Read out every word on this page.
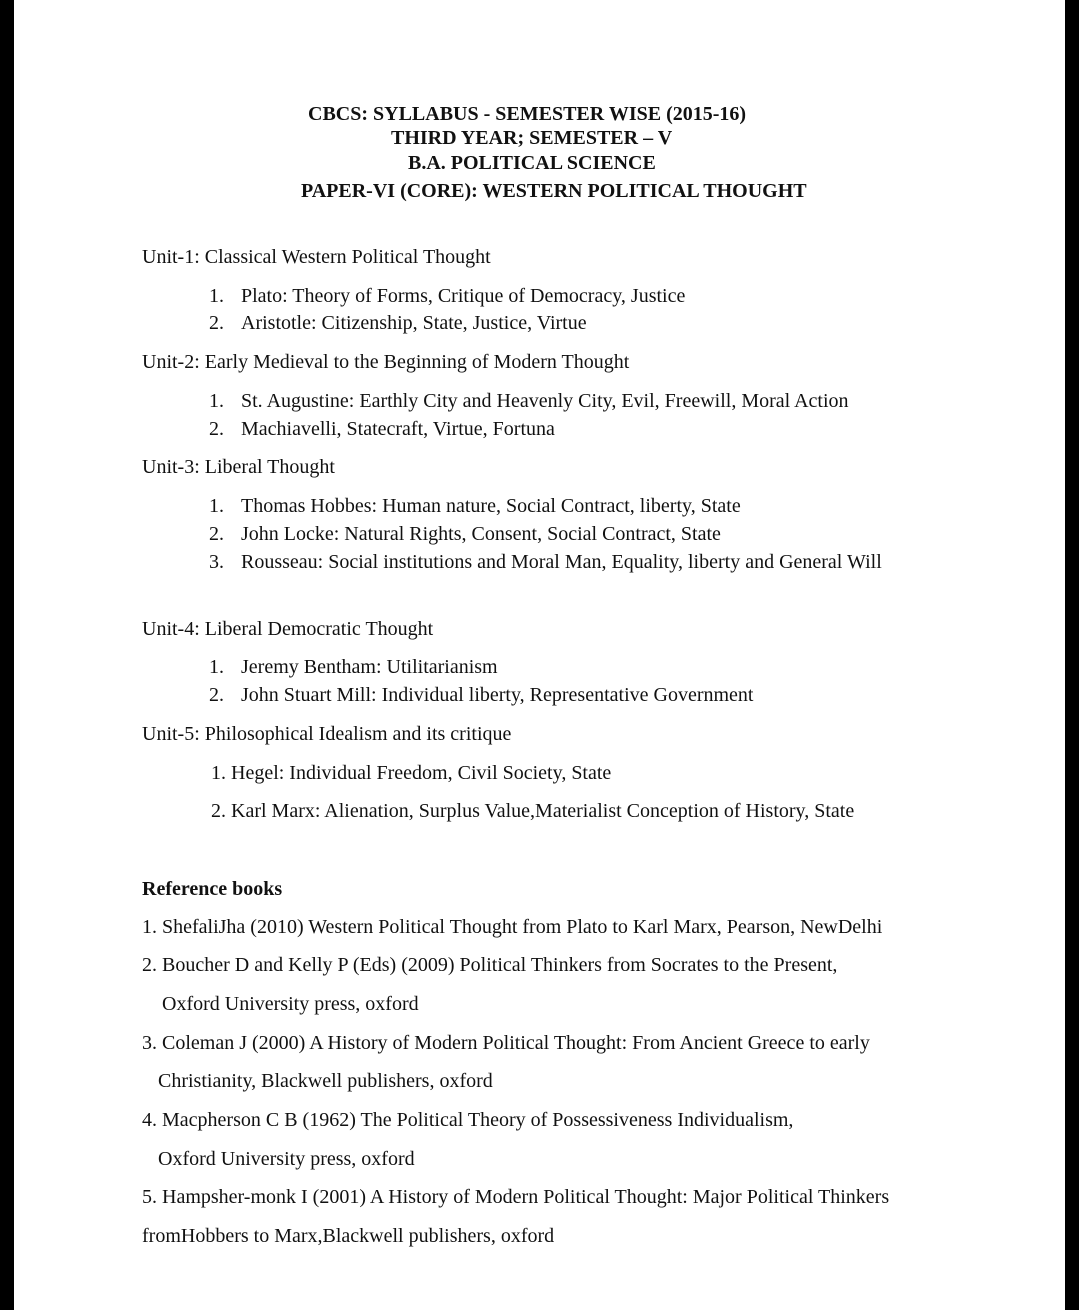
CBCS: SYLLABUS - SEMESTER WISE (2015-16)
THIRD YEAR; SEMESTER – V
B.A. POLITICAL SCIENCE
PAPER-VI (CORE): WESTERN POLITICAL THOUGHT
Unit-1: Classical Western Political Thought
1. Plato: Theory of Forms, Critique of Democracy, Justice
2. Aristotle: Citizenship, State, Justice, Virtue
Unit-2: Early Medieval to the Beginning of Modern Thought
1. St. Augustine: Earthly City and Heavenly City, Evil, Freewill, Moral Action
2. Machiavelli, Statecraft, Virtue, Fortuna
Unit-3: Liberal Thought
1. Thomas Hobbes: Human nature, Social Contract, liberty, State
2. John Locke: Natural Rights, Consent, Social Contract, State
3. Rousseau: Social institutions and Moral Man, Equality, liberty and General Will
Unit-4: Liberal Democratic Thought
1. Jeremy Bentham: Utilitarianism
2. John Stuart Mill: Individual liberty, Representative Government
Unit-5: Philosophical Idealism and its critique
1. Hegel: Individual Freedom, Civil Society, State
2. Karl Marx: Alienation, Surplus Value,Materialist Conception of History, State
Reference books
1. ShefaliJha (2010) Western Political Thought from Plato to Karl Marx, Pearson, NewDelhi
2. Boucher D and Kelly P (Eds) (2009) Political Thinkers from Socrates to the Present,
Oxford University press, oxford
3. Coleman J (2000) A History of Modern Political Thought: From Ancient Greece to early
Christianity, Blackwell publishers, oxford
4. Macpherson C B (1962) The Political Theory of Possessiveness Individualism,
Oxford University press, oxford
5. Hampsher-monk I (2001) A History of Modern Political Thought: Major Political Thinkers
fromHobbers to Marx,Blackwell publishers, oxford
